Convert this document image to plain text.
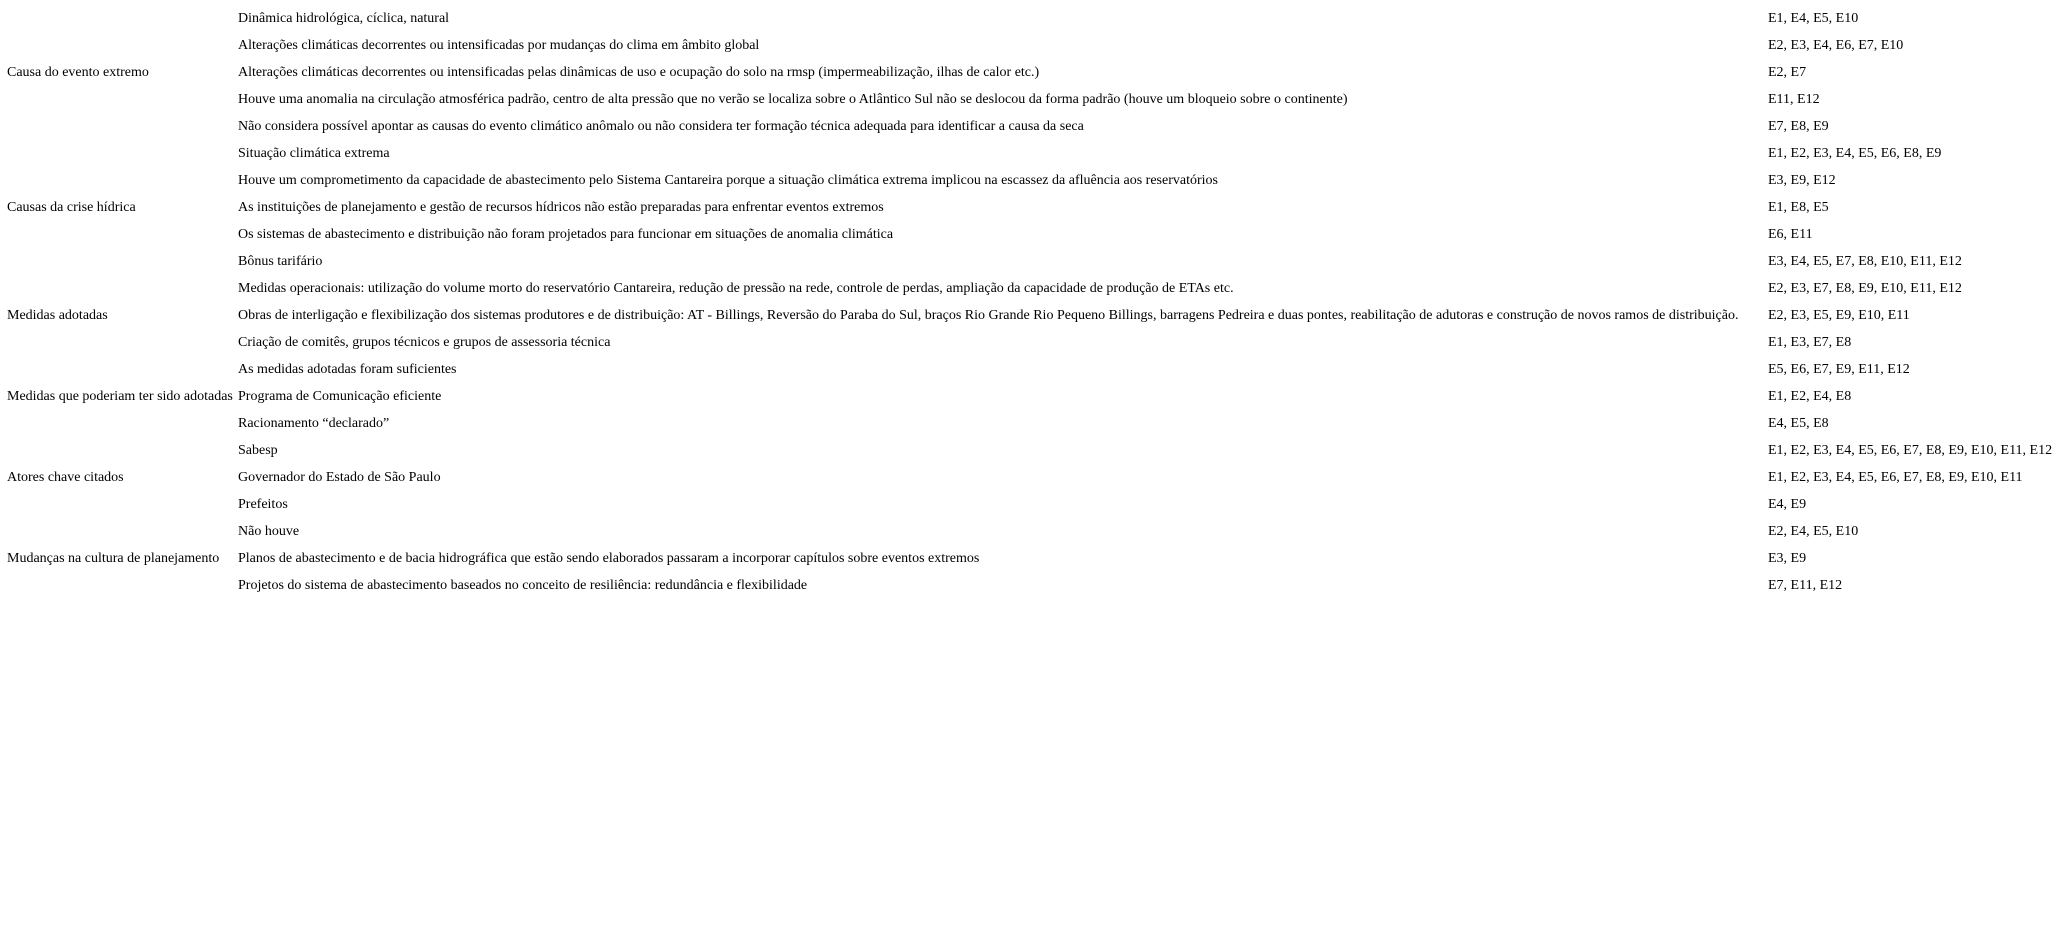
	Dinâmica hidrológica, cíclica, natural	E1, E4, E5, E10
	Alterações climáticas decorrentes ou intensificadas por mudanças do clima em âmbito global	E2, E3, E4, E6, E7, E10
Causa do evento extremo	Alterações climáticas decorrentes ou intensificadas pelas dinâmicas de uso e ocupação do solo na rmsp (impermeabilização, ilhas de calor etc.)	E2, E7
	Houve uma anomalia na circulação atmosférica padrão, centro de alta pressão que no verão se localiza sobre o Atlântico Sul não se deslocou da forma padrão (houve um bloqueio sobre o continente)	E11, E12
	Não considera possível apontar as causas do evento climático anômalo ou não considera ter formação técnica adequada para identificar a causa da seca	E7, E8, E9
	Situação climática extrema	E1, E2, E3, E4, E5, E6, E8, E9
	Houve um comprometimento da capacidade de abastecimento pelo Sistema Cantareira porque a situação climática extrema implicou na escassez da afluência aos reservatórios	E3, E9, E12
Causas da crise hídrica	As instituições de planejamento e gestão de recursos hídricos não estão preparadas para enfrentar eventos extremos	E1, E8, E5
	Os sistemas de abastecimento e distribuição não foram projetados para funcionar em situações de anomalia climática	E6, E11
	Bônus tarifário	E3, E4, E5, E7, E8, E10, E11, E12
	Medidas operacionais: utilização do volume morto do reservatório Cantareira, redução de pressão na rede, controle de perdas, ampliação da capacidade de produção de ETAs etc.	E2, E3, E7, E8, E9, E10, E11, E12
Medidas adotadas	Obras de interligação e flexibilização dos sistemas produtores e de distribuição: AT - Billings, Reversão do Paraba do Sul, braços Rio Grande Rio Pequeno Billings, barragens Pedreira e duas pontes, reabilitação de adutoras e construção de novos ramos de distribuição.	E2, E3, E5, E9, E10, E11
	Criação de comitês, grupos técnicos e grupos de assessoria técnica	E1, E3, E7, E8
	As medidas adotadas foram suficientes	E5, E6, E7, E9, E11, E12
Medidas que poderiam ter sido adotadas	Programa de Comunicação eficiente	E1, E2, E4, E8
	Racionamento “declarado”	E4, E5, E8
	Sabesp	E1, E2, E3, E4, E5, E6, E7, E8, E9, E10, E11, E12
Atores chave citados	Governador do Estado de São Paulo	E1, E2, E3, E4, E5, E6, E7, E8, E9, E10, E11
	Prefeitos	E4, E9
	Não houve	E2, E4, E5, E10
Mudanças na cultura de planejamento	Planos de abastecimento e de bacia hidrográfica que estão sendo elaborados passaram a incorporar capítulos sobre eventos extremos	E3, E9
	Projetos do sistema de abastecimento baseados no conceito de resiliência: redundância e flexibilidade	E7, E11, E12
